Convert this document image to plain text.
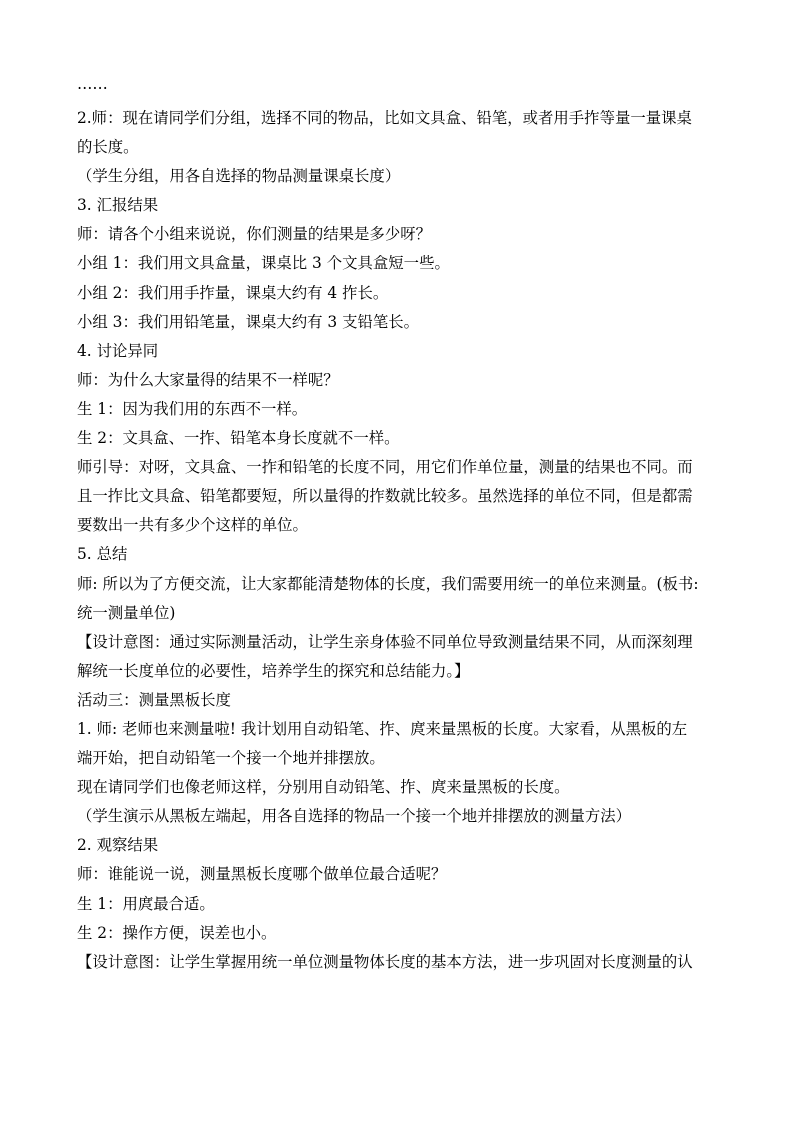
……

2.师：现在请同学们分组，选择不同的物品，比如文具盒、铅笔，或者用手拃等量一量课桌

的长度。

（学生分组，用各自选择的物品测量课桌长度）

3. 汇报结果

师：请各个小组来说说，你们测量的结果是多少呀？

小组 1：我们用文具盒量，课桌比 3 个文具盒短一些。

小组 2：我们用手拃量，课桌大约有 4 拃长。

小组 3：我们用铅笔量，课桌大约有 3 支铅笔长。

4. 讨论异同

师：为什么大家量得的结果不一样呢？

生 1：因为我们用的东西不一样。

生 2：文具盒、一拃、铅笔本身长度就不一样。

师引导：对呀，文具盒、一拃和铅笔的长度不同，用它们作单位量，测量的结果也不同。而

且一拃比文具盒、铅笔都要短，所以量得的拃数就比较多。虽然选择的单位不同，但是都需

要数出一共有多少个这样的单位。

5. 总结

师: 所以为了方便交流，让大家都能清楚物体的长度，我们需要用统一的单位来测量。(板书:

统一测量单位)

【设计意图：通过实际测量活动，让学生亲身体验不同单位导致测量结果不同，从而深刻理

解统一长度单位的必要性，培养学生的探究和总结能力。】

活动三：测量黑板长度

1. 师: 老师也来测量啦! 我计划用自动铅笔、拃、庹来量黑板的长度。大家看，从黑板的左

端开始，把自动铅笔一个接一个地并排摆放。

现在请同学们也像老师这样，分别用自动铅笔、拃、庹来量黑板的长度。

（学生演示从黑板左端起，用各自选择的物品一个接一个地并排摆放的测量方法）

2. 观察结果

师：谁能说一说，测量黑板长度哪个做单位最合适呢？

生 1：用庹最合适。

生 2：操作方便，误差也小。

【设计意图：让学生掌握用统一单位测量物体长度的基本方法，进一步巩固对长度测量的认
